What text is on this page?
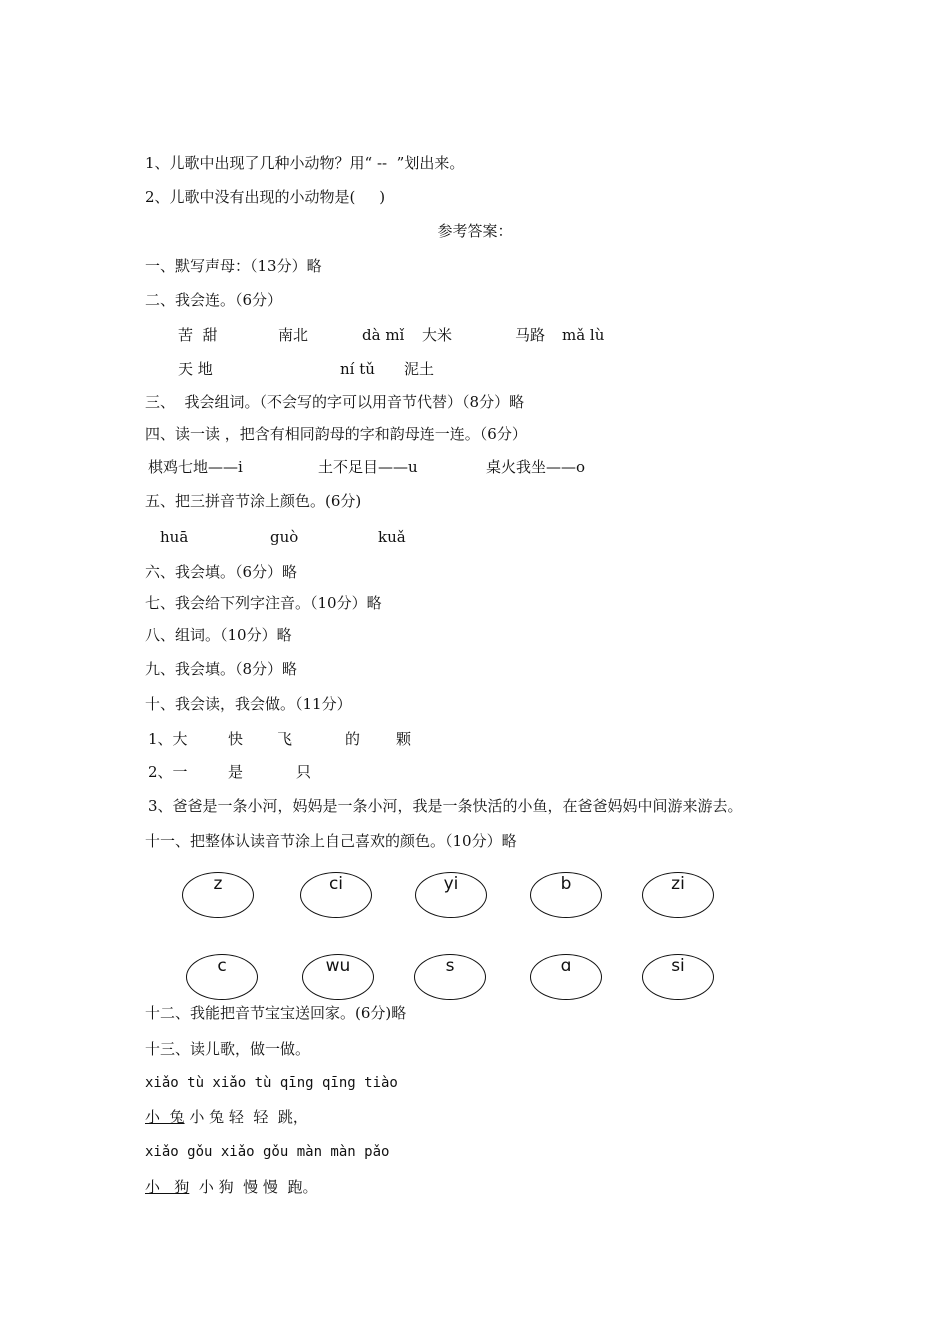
1、儿歌中出现了几种小动物？用“ --  ”划出来。
2、儿歌中没有出现的小动物是(     )
参考答案：
一、默写声母：（13分）略
二、我会连。（6分）
苦  甜	南北	dà mǐ 大米	马路 mǎ lù
天 地	ní tǔ 泥土
三、  我会组词。（不会写的字可以用音节代替）（8分）略
四、读一读 ，把含有相同韵母的字和韵母连一连。（6分）
棋鸡七地——i	土不足目——u	桌火我坐——o
五、把三拼音节涂上颜色。(6分)
huā	guò	kuǎ
六、我会填。（6分）略
七、我会给下列字注音。（10分）略
八、组词。（10分）略
九、我会填。（8分）略
十、我会读，我会做。（11分）
1、大	快 飞	的 颗
2、一	是	只
3、爸爸是一条小河，妈妈是一条小河，我是一条快活的小鱼，在爸爸妈妈中间游来游去。
十一、把整体认读音节涂上自己喜欢的颜色。（10分）略
z	ci	yi	b	zi
c	wu	s	ɑ	si
十二、我能把音节宝宝送回家。(6分)略
十三、读儿歌，做一做。
xiǎo tù xiǎo tù qīng qīng tiào
小  兔 小 兔 轻  轻  跳，
xiǎo gǒu xiǎo gǒu màn màn pǎo
小   狗  小 狗  慢 慢  跑。
